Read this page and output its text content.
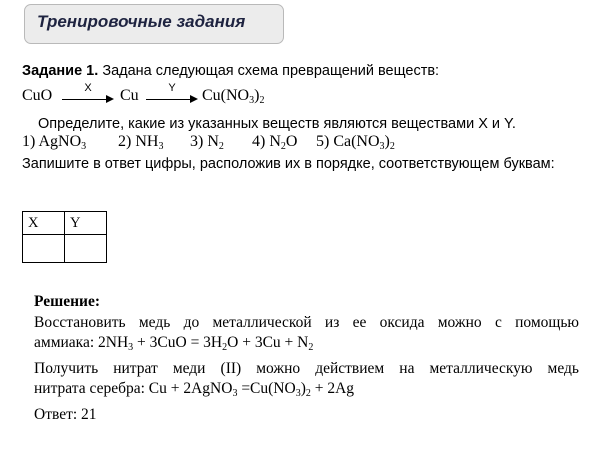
Тренировочные задания
Задание 1. Задана следующая схема превращений веществ:
CuO	X	Cu	Y	$Cu(NO_3)_2$
Определите, какие из указанных веществ являются веществами X и Y.
1) AgNO$_3$ 2) $NH_3$ 3) $N_2$ 4) $N_2O$ 5) $Ca(NO_3)_2$
Запишите в ответ цифры, расположив их в порядке, соответствующем буквам:
X	Y

Решение:
Восстановить медь до металлической из ее оксида можно с помощью
аммиака: $2NH_3 + 3CuO = 3H_2O + 3Cu + N_2$
Получить нитрат меди (II) можно действием на металлическую медь
нитрата серебра: Cu + 2AgNO$_3$ $=Cu(NO_3)_2 + 2Ag$
Ответ: 21
